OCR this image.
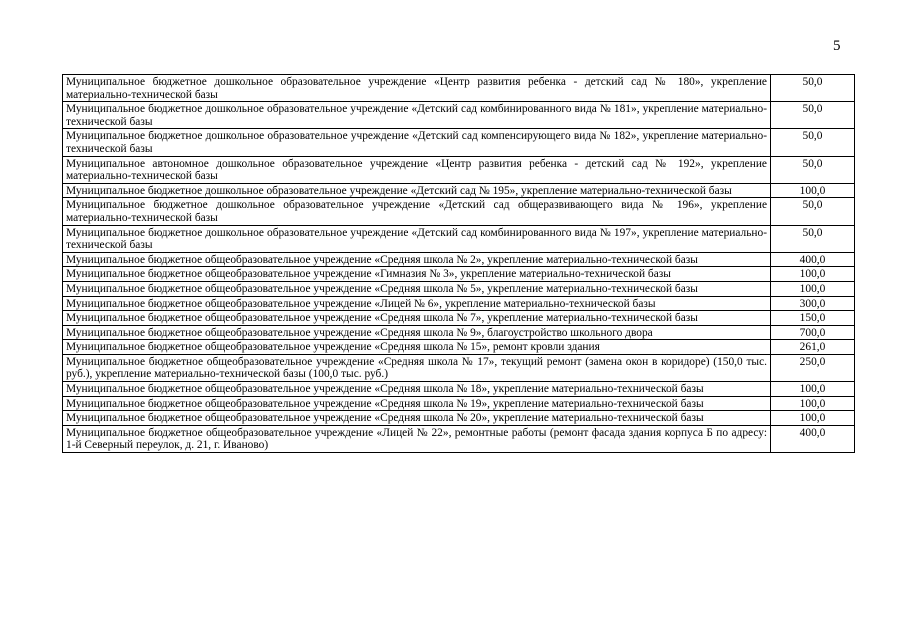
5
Муниципальное бюджетное дошкольное образовательное учреждение «Центр развития ребенка - детский сад № 180», укрепление материально-технической базы	50,0
Муниципальное бюджетное дошкольное образовательное учреждение «Детский сад комбинированного вида № 181», укрепление материально-технической базы	50,0
Муниципальное бюджетное дошкольное образовательное учреждение «Детский сад компенсирующего вида № 182», укрепление материально-технической базы	50,0
Муниципальное автономное дошкольное образовательное учреждение «Центр развития ребенка - детский сад № 192», укрепление материально-технической базы	50,0
Муниципальное бюджетное дошкольное образовательное учреждение «Детский сад № 195», укрепление материально-технической базы	100,0
Муниципальное бюджетное дошкольное образовательное учреждение «Детский сад общеразвивающего вида № 196», укрепление материально-технической базы	50,0
Муниципальное бюджетное дошкольное образовательное учреждение «Детский сад комбинированного вида № 197», укрепление материально-технической базы	50,0
Муниципальное бюджетное общеобразовательное учреждение «Средняя школа № 2», укрепление материально-технической базы	400,0
Муниципальное бюджетное общеобразовательное учреждение «Гимназия № 3», укрепление материально-технической базы	100,0
Муниципальное бюджетное общеобразовательное учреждение «Средняя школа № 5», укрепление материально-технической базы	100,0
Муниципальное бюджетное общеобразовательное учреждение «Лицей № 6», укрепление материально-технической базы	300,0
Муниципальное бюджетное общеобразовательное учреждение «Средняя школа № 7», укрепление материально-технической базы	150,0
Муниципальное бюджетное общеобразовательное учреждение «Средняя школа № 9», благоустройство школьного двора	700,0
Муниципальное бюджетное общеобразовательное учреждение «Средняя школа № 15», ремонт кровли здания	261,0
Муниципальное бюджетное общеобразовательное учреждение «Средняя школа № 17», текущий ремонт (замена окон в коридоре) (150,0 тыс. руб.), укрепление материально-технической базы (100,0 тыс. руб.)	250,0
Муниципальное бюджетное общеобразовательное учреждение «Средняя школа № 18», укрепление материально-технической базы	100,0
Муниципальное бюджетное общеобразовательное учреждение «Средняя школа № 19», укрепление материально-технической базы	100,0
Муниципальное бюджетное общеобразовательное учреждение «Средняя школа № 20», укрепление материально-технической базы	100,0
Муниципальное бюджетное общеобразовательное учреждение «Лицей № 22», ремонтные работы (ремонт фасада здания корпуса Б по адресу: 1-й Северный переулок, д. 21, г. Иваново)	400,0
